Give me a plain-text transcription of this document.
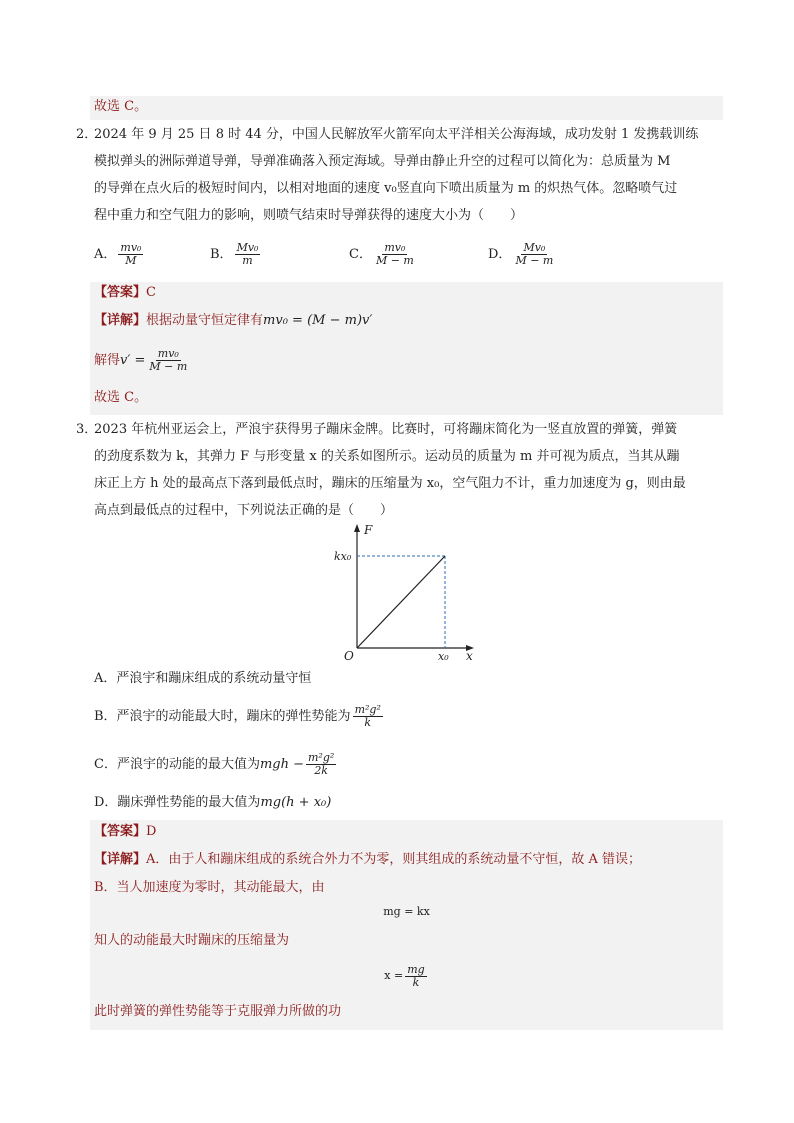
故选 C。
2．
2024 年 9 月 25 日 8 时 44 分，中国人民解放军火箭军向太平洋相关公海海域，成功发射 1 发携载训练
模拟弹头的洲际弹道导弹，导弹准确落入预定海域。导弹由静止升空的过程可以简化为：总质量为 M
的导弹在点火后的极短时间内，以相对地面的速度 v₀竖直向下喷出质量为 m 的炽热气体。忽略喷气过
程中重力和空气阻力的影响，则喷气结束时导弹获得的速度大小为（　　）
A． $\frac{\text{mv₀}}{M}$	B． $\frac{\text{Mv₀}}{m}$	C． $\frac{\text{mv₀}}{M - m}$	D． $\frac{\text{Mv₀}}{M - m}$
【答案】C
【详解】根据动量守恒定律有mv₀ = (M − m)v′
解得$v' = \frac{\text{mv₀}}{M - m}$
故选 C。
3．
2023 年杭州亚运会上，严浪宇获得男子蹦床金牌。比赛时，可将蹦床简化为一竖直放置的弹簧，弹簧
的劲度系数为 k，其弹力 F 与形变量 x 的关系如图所示。运动员的质量为 m 并可视为质点，当其从蹦
床正上方 h 处的最高点下落到最低点时，蹦床的压缩量为 x₀，空气阻力不计，重力加速度为 g，则由最
高点到最低点的过程中，下列说法正确的是（　　）
F
x
O
kx₀
x₀
A．严浪宇和蹦床组成的系统动量守恒
B．严浪宇的动能最大时，蹦床的弹性势能为 $\frac{\text{m²g²}}{k}$
C．严浪宇的动能的最大值为mgh − $\frac{\text{m²g²}}{2k}$
D．蹦床弹性势能的最大值为mg(h + x₀)
【答案】D
【详解】A．由于人和蹦床组成的系统合外力不为零，则其组成的系统动量不守恒，故 A 错误；
B．当人加速度为零时，其动能最大，由
mg = kx
知人的动能最大时蹦床的压缩量为
$x = \frac{mg}{k}$
此时弹簧的弹性势能等于克服弹力所做的功
